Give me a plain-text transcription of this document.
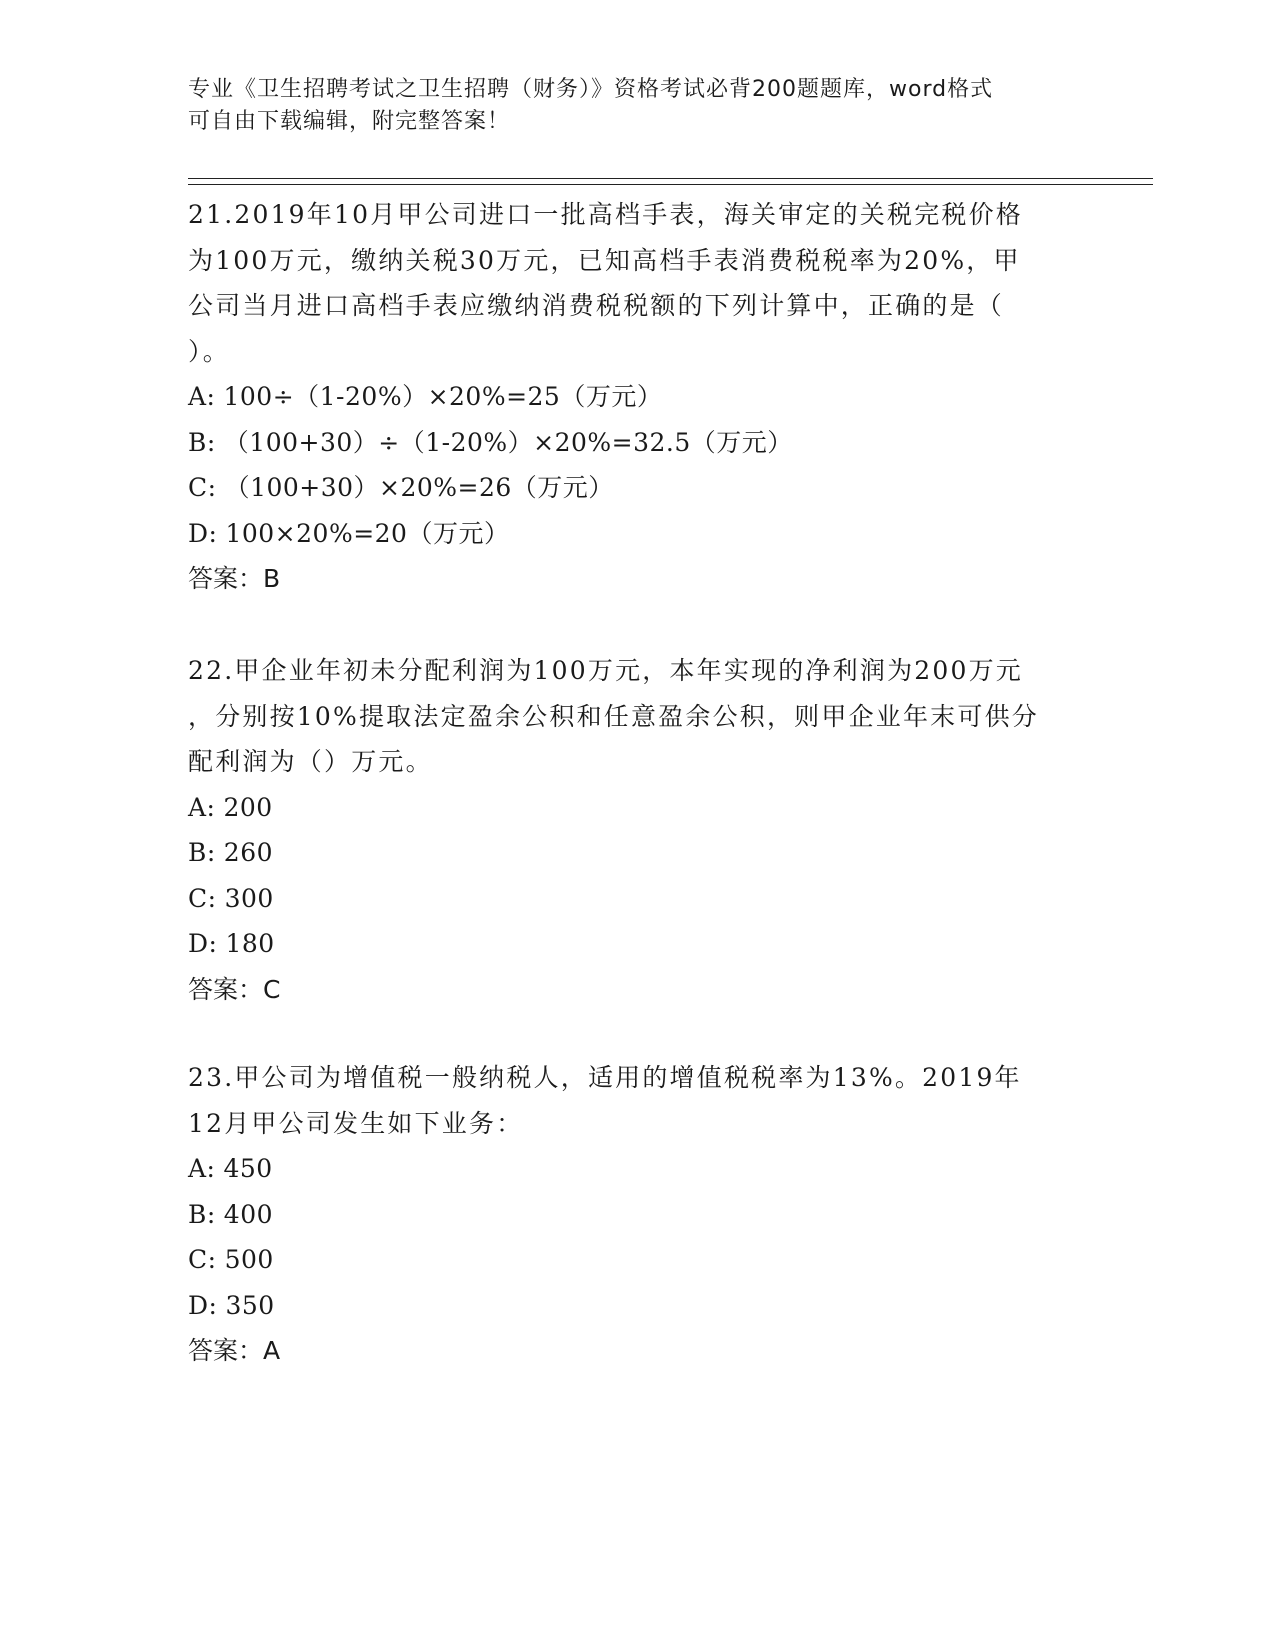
专业《卫生招聘考试之卫生招聘（财务）》资格考试必背200题题库，word格式
可自由下载编辑，附完整答案！
21.2019年10月甲公司进口一批高档手表，海关审定的关税完税价格
为100万元，缴纳关税30万元，已知高档手表消费税税率为20%，甲
公司当月进口高档手表应缴纳消费税税额的下列计算中，正确的是（
）。
A: 100÷（1-20%）×20%=25（万元）
B: （100+30）÷（1-20%）×20%=32.5（万元）
C: （100+30）×20%=26（万元）
D: 100×20%=20（万元）
答案：B
22.甲企业年初未分配利润为100万元，本年实现的净利润为200万元
，分别按10%提取法定盈余公积和任意盈余公积，则甲企业年末可供分
配利润为（）万元。
A: 200
B: 260
C: 300
D: 180
答案：C
23.甲公司为增值税一般纳税人，适用的增值税税率为13%。2019年
12月甲公司发生如下业务：
A: 450
B: 400
C: 500
D: 350
答案：A
